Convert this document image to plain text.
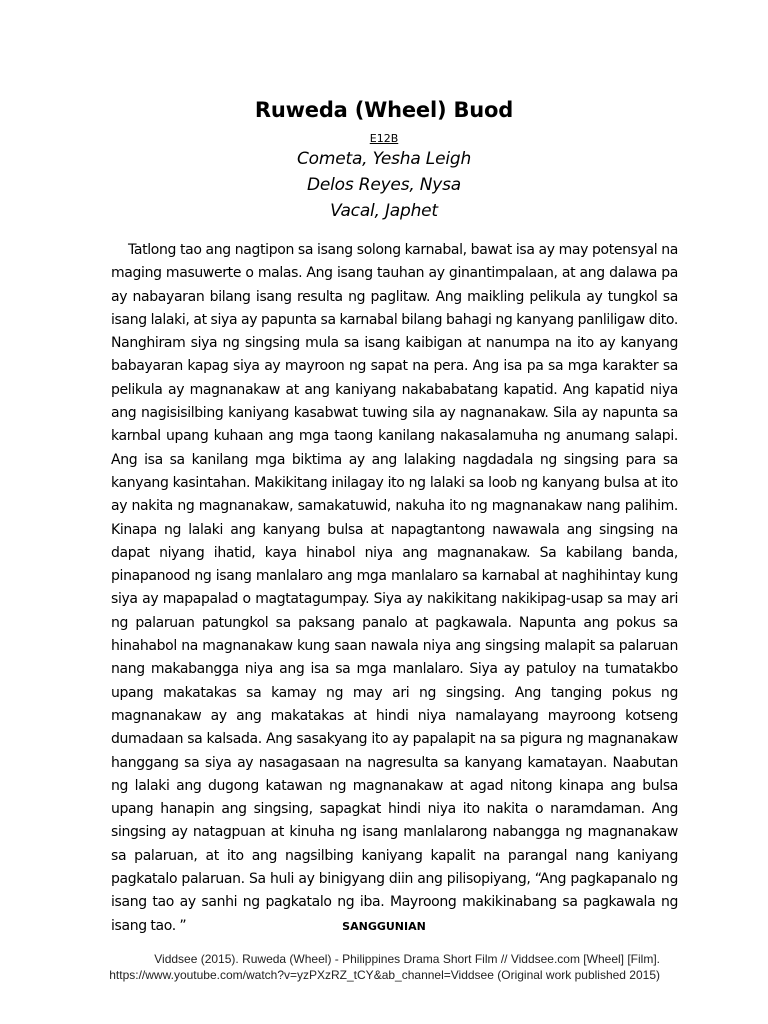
Ruweda (Wheel) Buod
E12B
Cometa, Yesha Leigh
Delos Reyes, Nysa
Vacal, Japhet

Tatlong tao ang nagtipon sa isang solong karnabal, bawat isa ay may potensyal na maging masuwerte o malas. Ang isang tauhan ay ginantimpalaan, at ang dalawa pa ay nabayaran bilang isang resulta ng paglitaw. Ang maikling pelikula ay tungkol sa isang lalaki, at siya ay papunta sa karnabal bilang bahagi ng kanyang panliligaw dito. Nanghiram siya ng singsing mula sa isang kaibigan at nanumpa na ito ay kanyang babayaran kapag siya ay mayroon ng sapat na pera. Ang isa pa sa mga karakter sa pelikula ay magnanakaw at ang kaniyang nakababatang kapatid. Ang kapatid niya ang nagisisilbing kaniyang kasabwat tuwing sila ay nagnanakaw. Sila ay napunta sa karnbal upang kuhaan ang mga taong kanilang nakasalamuha ng anumang salapi. Ang isa sa kanilang mga biktima ay ang lalaking nagdadala ng singsing para sa kanyang kasintahan. Makikitang inilagay ito ng lalaki sa loob ng kanyang bulsa at ito ay nakita ng magnanakaw, samakatuwid, nakuha ito ng magnanakaw nang palihim. Kinapa ng lalaki ang kanyang bulsa at napagtantong nawawala ang singsing na dapat niyang ihatid, kaya hinabol niya ang magnanakaw. Sa kabilang banda, pinapanood ng isang manlalaro ang mga manlalaro sa karnabal at naghihintay kung siya ay mapapalad o magtatagumpay. Siya ay nakikitang nakikipag-usap sa may ari ng palaruan patungkol sa paksang panalo at pagkawala. Napunta ang pokus sa hinahabol na magnanakaw kung saan nawala niya ang singsing malapit sa palaruan nang makabangga niya ang isa sa mga manlalaro. Siya ay patuloy na tumatakbo upang makatakas sa kamay ng may ari ng singsing. Ang tanging pokus ng magnanakaw ay ang makatakas at hindi niya namalayang mayroong kotseng dumadaan sa kalsada. Ang sasakyang ito ay papalapit na sa pigura ng magnanakaw hanggang sa siya ay nasagasaan na nagresulta sa kanyang kamatayan. Naabutan ng lalaki ang dugong katawan ng magnanakaw at agad nitong kinapa ang bulsa upang hanapin ang singsing, sapagkat hindi niya ito nakita o naramdaman. Ang singsing ay natagpuan at kinuha ng isang manlalarong nabangga ng magnanakaw sa palaruan, at ito ang nagsilbing kaniyang kapalit na parangal nang kaniyang pagkatalo palaruan. Sa huli ay binigyang diin ang pilisopiyang, “Ang pagkapanalo ng isang tao ay sanhi ng pagkatalo ng iba. Mayroong makikinabang sa pagkawala ng isang tao. ”	SANGGUNIAN
Viddsee (2015). Ruweda (Wheel) - Philippines Drama Short Film // Viddsee.com [Wheel] [Film].
https://www.youtube.com/watch?v=yzPXzRZ_tCY&ab_channel=Viddsee (Original work published 2015)
